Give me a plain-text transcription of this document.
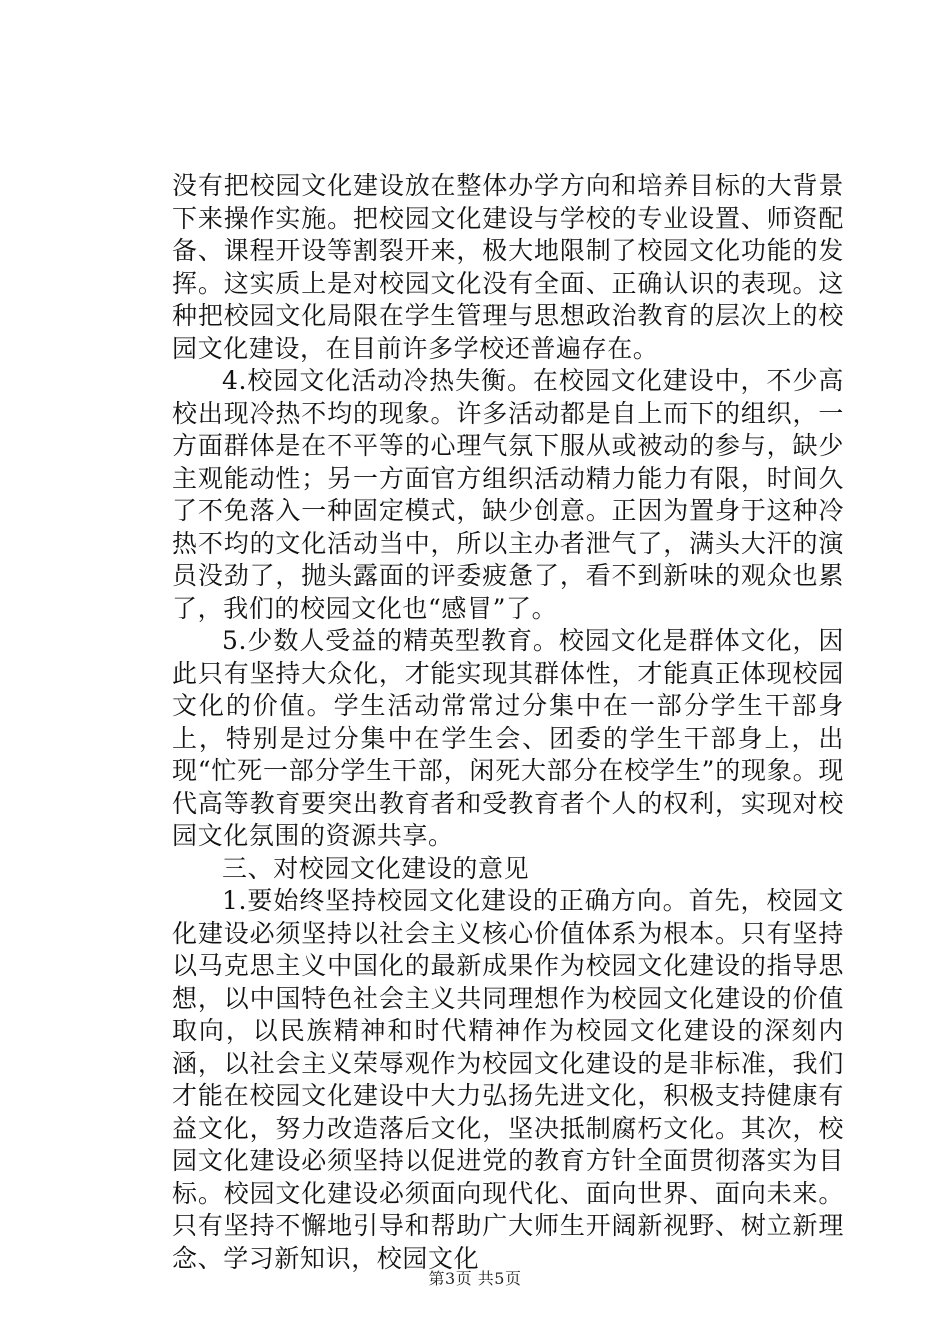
没有把校园文化建设放在整体办学方向和培养目标的大背景下来操作实施。把校园文化建设与学校的专业设置、师资配备、课程开设等割裂开来，极大地限制了校园文化功能的发挥。这实质上是对校园文化没有全面、正确认识的表现。这种把校园文化局限在学生管理与思想政治教育的层次上的校园文化建设，在目前许多学校还普遍存在。

4.校园文化活动冷热失衡。在校园文化建设中，不少高校出现冷热不均的现象。许多活动都是自上而下的组织，一方面群体是在不平等的心理气氛下服从或被动的参与，缺少主观能动性；另一方面官方组织活动精力能力有限，时间久了不免落入一种固定模式，缺少创意。正因为置身于这种冷热不均的文化活动当中，所以主办者泄气了，满头大汗的演员没劲了，抛头露面的评委疲惫了，看不到新味的观众也累了，我们的校园文化也“感冒”了。

5.少数人受益的精英型教育。校园文化是群体文化，因此只有坚持大众化，才能实现其群体性，才能真正体现校园文化的价值。学生活动常常过分集中在一部分学生干部身上，特别是过分集中在学生会、团委的学生干部身上，出现“忙死一部分学生干部，闲死大部分在校学生”的现象。现代高等教育要突出教育者和受教育者个人的权利，实现对校园文化氛围的资源共享。

三、对校园文化建设的意见

1.要始终坚持校园文化建设的正确方向。首先，校园文化建设必须坚持以社会主义核心价值体系为根本。只有坚持以马克思主义中国化的最新成果作为校园文化建设的指导思想，以中国特色社会主义共同理想作为校园文化建设的价值取向，以民族精神和时代精神作为校园文化建设的深刻内涵，以社会主义荣辱观作为校园文化建设的是非标准，我们才能在校园文化建设中大力弘扬先进文化，积极支持健康有益文化，努力改造落后文化，坚决抵制腐朽文化。其次，校园文化建设必须坚持以促进党的教育方针全面贯彻落实为目标。校园文化建设必须面向现代化、面向世界、面向未来。只有坚持不懈地引导和帮助广大师生开阔新视野、树立新理念、学习新知识，校园文化

第3页 共5页
